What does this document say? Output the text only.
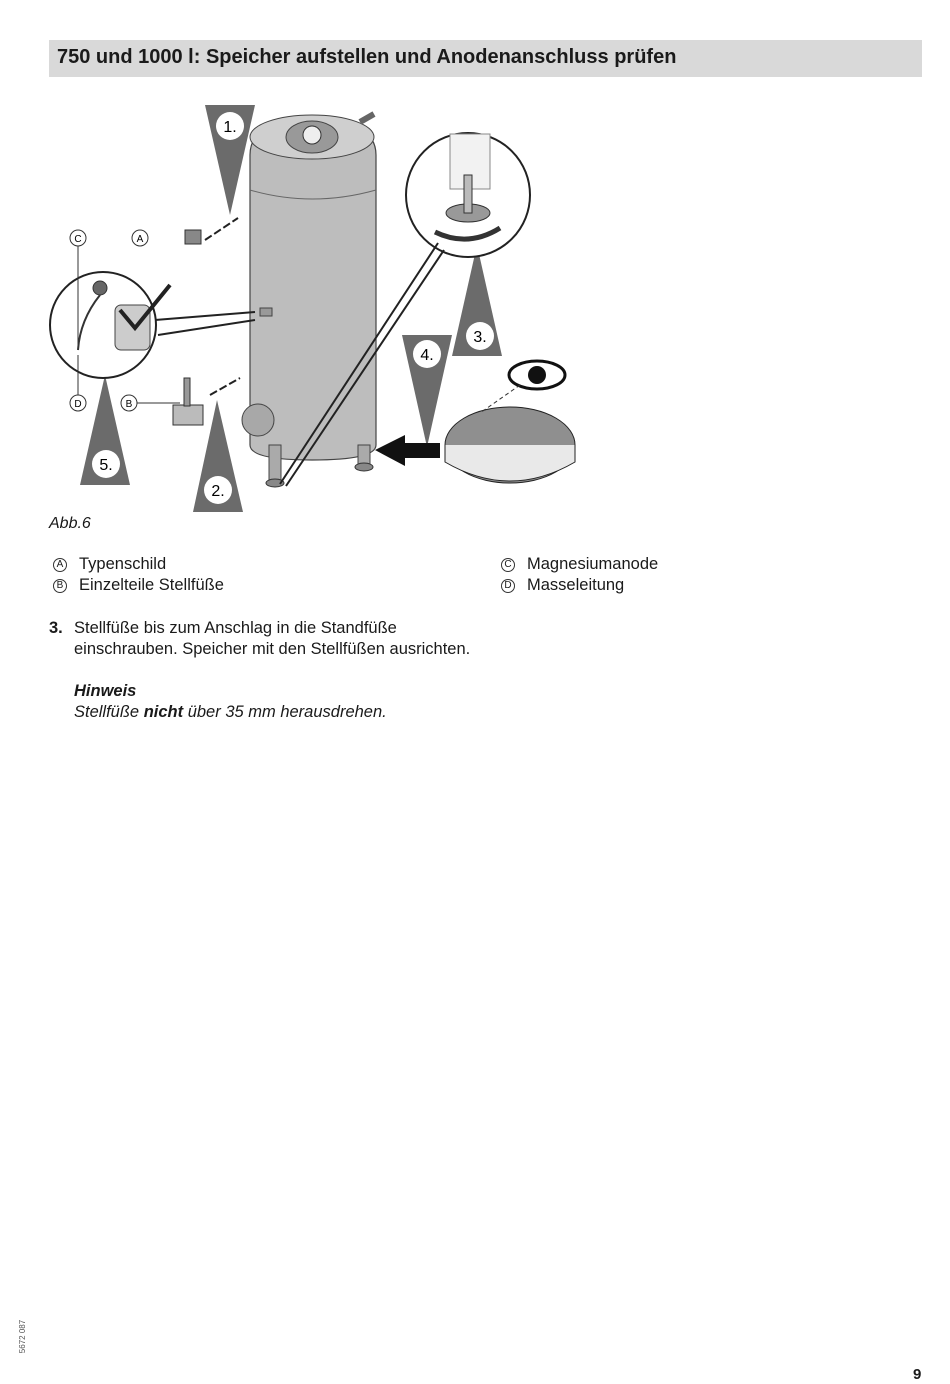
750 und 1000 l: Speicher aufstellen und Anodenanschluss prüfen
1.
2.
3.
4.
5.
C	A
D	B
Abb.6
A Typenschild
B Einzelteile Stellfüße
C Magnesiumanode
D Masseleitung
3. Stellfüße bis zum Anschlag in die Standfüße einschrauben. Speicher mit den Stellfüßen ausrichten.
Hinweis
Stellfüße nicht über 35 mm herausdrehen.
5672 087
9
